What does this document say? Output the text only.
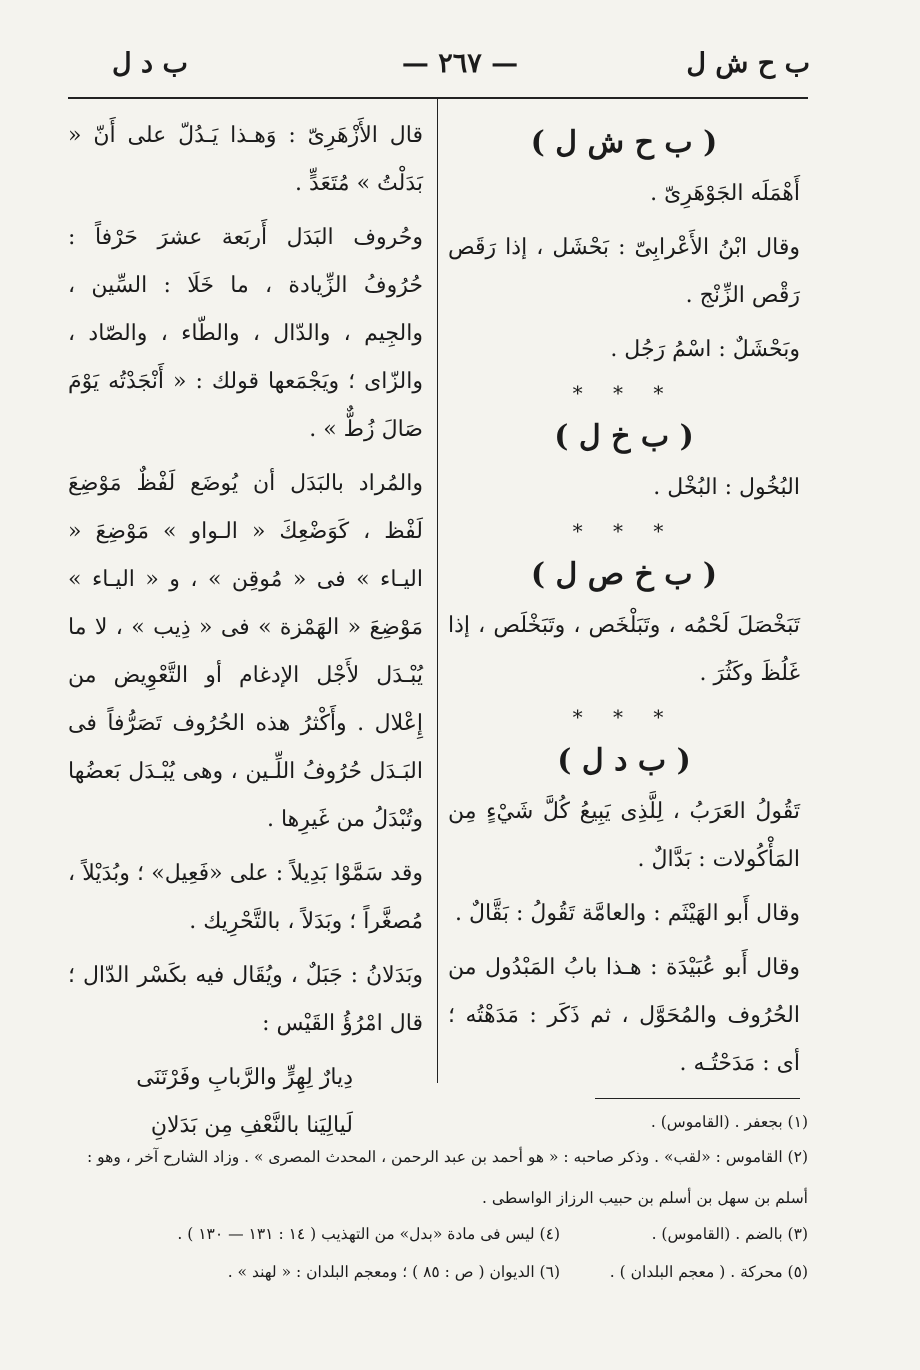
ب ح ش ل
— ٢٦٧ —
ب د ل
( ب ح ش ل )

أَهْمَلَه الجَوْهَرِىّ .

وقال ابْنُ الأَعْرابِىّ : بَحْشَل ، إذا رَقَص رَقْص الزِّنْج .

وبَحْشَلٌ : اسْمُ رَجُل .

* * *
( ب خ ل )

البُخُول : البُخْل .

* * *
( ب خ ص ل )

تَبَخْصَلَ لَحْمُه ، وتَبَلْخَص ، وتَبَخْلَص ، إذا غَلُظَ وكَثُرَ .

* * *
( ب د ل )

تَقُولُ العَرَبُ ، لِلَّذِى يَبِيعُ كُلَّ شَيْءٍ مِن المَأْكُولات : بَدَّالٌ .

وقال أَبو الهَيْثَم : والعامَّة تَقُولُ : بَقَّالٌ .

وقال أَبو عُبَيْدَة : هـذا بابُ المَبْدُول من الحُرُوف والمُحَوَّل ، ثم ذَكَر : مَدَهْتُه ؛ أى : مَدَحْتُـه .

قال الأَزْهَرِىّ : وَهـذا يَـدُلّ على أَنّ « بَدَلْتُ » مُتَعَدٍّ .

وحُروف البَدَل أَربَعة عشرَ حَرْفاً : حُرُوفُ الزِّيادة ، ما خَلَا : السِّين ، والجِيم ، والدّال ، والطّاء ، والصّاد ، والزّاى ؛ ويَجْمَعها قولك : « أَنْجَدْتُه يَوْمَ صَالَ زُطٌّ » .

والمُراد بالبَدَل أن يُوضَع لَفْظٌ مَوْضِعَ لَفْظ ، كَوَضْعِكَ « الـواو » مَوْضِعَ « اليـاء » فى « مُوقِن » ، و « اليـاء » مَوْضِعَ « الهَمْزة » فى « ذِيب » ، لا ما يُبْـدَل لأَجْل الإدغام أو التَّعْوِيض من إِعْلال . وأَكْثرُ هذه الحُرُوف تَصَرُّفاً فى البَـدَل حُرُوفُ اللِّـين ، وهى يُبْـدَل بَعضُها وتُبْدَلُ من غَيرِها .

وقد سَمَّوْا بَدِيلاً : على «فَعِيل» ؛ وبُدَيْلاً ، مُصغَّراً ؛ وبَدَلاً ، بالتَّحْرِيك .

وبَدَلانُ : جَبَلٌ ، ويُقَال فيه بكَسْر الدّال ؛ قال امْرُؤُ القَيْس :

دِيارٌ لِهِرٍّ والرَّبابِ وفَرْتَنَى

لَيالِيَنا بالنَّعْفِ مِن بَدَلانِ	(١) بجعفر . (القاموس) .
(٢) القاموس : «لقب» . وذكر صاحبه : « هو أحمد بن عبد الرحمن ، المحدث المصرى » . وزاد الشارح آخر ، وهو :
أسلم بن سهل بن أسلم بن حبيب الرزاز الواسطى .
(٣) بالضم . (القاموس) .
(٤) ليس فى مادة «بدل» من التهذيب ( ١٤ : ١٣١ — ١٣٠ ) .
(٥) محركة . ( معجم البلدان ) .
(٦) الديوان ( ص : ٨٥ ) ؛ ومعجم البلدان : « لهند » .
